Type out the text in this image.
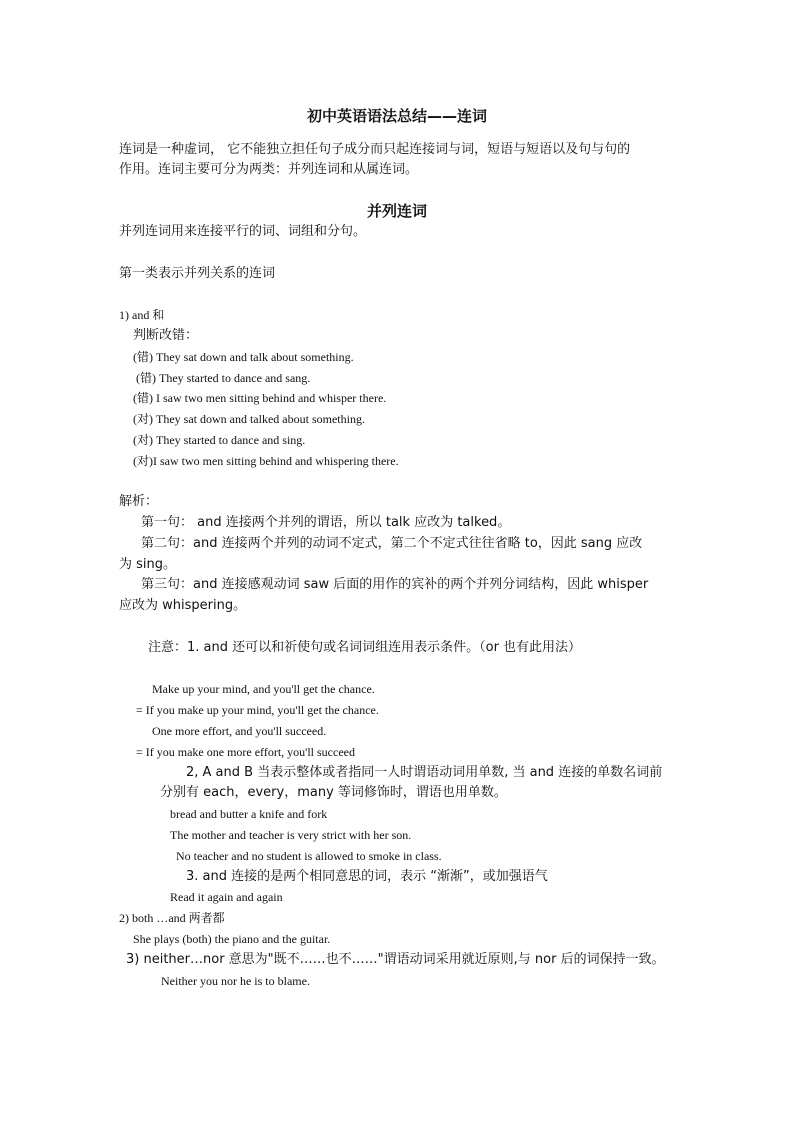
初中英语语法总结——连词
连词是一种虚词， 它不能独立担任句子成分而只起连接词与词，短语与短语以及句与句的
作用。连词主要可分为两类：并列连词和从属连词。
并列连词
并列连词用来连接平行的词、词组和分句。
第一类表示并列关系的连词
1) and 和
判断改错：
(错) They sat down and talk about something.
(错) They started to dance and sang.
(错) I saw two men sitting behind and whisper there.
(对) They sat down and talked about something.
(对) They started to dance and sing.
(对)I saw two men sitting behind and whispering there.
解析：
第一句： and 连接两个并列的谓语，所以 talk 应改为 talked。
第二句：and 连接两个并列的动词不定式，第二个不定式往往省略 to，因此 sang 应改
为 sing。
第三句：and 连接感观动词 saw 后面的用作的宾补的两个并列分词结构，因此 whisper
应改为 whispering。
注意：1. and 还可以和祈使句或名词词组连用表示条件。（or 也有此用法）
Make up your mind, and you'll get the chance.
= If you make up your mind, you'll get the chance.
One more effort, and you'll succeed.
= If you make one more effort, you'll succeed
2, A and B 当表示整体或者指同一人时谓语动词用单数, 当 and 连接的单数名词前
分别有 each，every，many 等词修饰时，谓语也用单数。
bread and butter a knife and fork
The mother and teacher is very strict with her son.
No teacher and no student is allowed to smoke in class.
3. and 连接的是两个相同意思的词，表示 “渐渐”，或加强语气
Read it again and again
2) both …and 两者都
She plays (both) the piano and the guitar.
3) neither…nor 意思为"既不……也不……"谓语动词采用就近原则,与 nor 后的词保持一致。
Neither you nor he is to blame.
